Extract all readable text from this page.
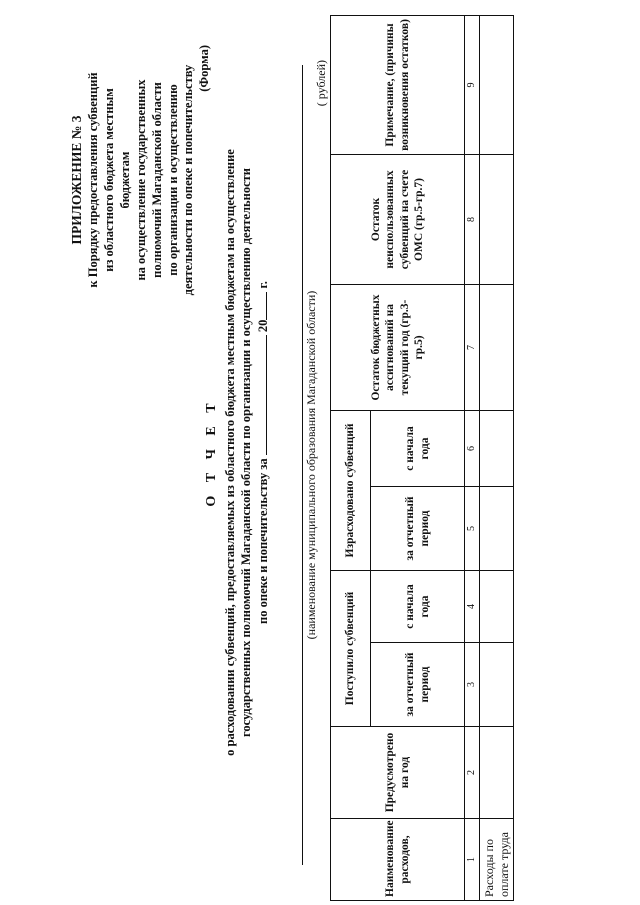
ПРИЛОЖЕНИЕ № 3 к Порядку предоставления субвенций из областного бюджета местным бюджетам на осуществление государственных полномочий Магаданской области по организации и осуществлению деятельности по опеке и попечительству (Форма)
О Т Ч Е Т о расходовании субвенций, предоставляемых из областного бюджета местным бюджетам на осуществление государственных полномочий Магаданской области по организации и осуществлению деятельности по опеке и попечительству за  20 г.
(наименование муниципального образования Магаданской области)
( рублей)
Наименование расходов,	Предусмотрено на год	Поступило субвенций		Израсходовано субвенций		Остаток бюджетных ассигнований на текущий год (гр.3- гр.5)	Остаток неиспользованных субвенций на счете ОМС (гр.5-гр.7)	Примечание, (причины возникновения остатков)
		за отчетный период	с начала года	за отчетный период	с начала года			
1	2	3	4	5	6	7	8	9
Расходы по оплате труда								
